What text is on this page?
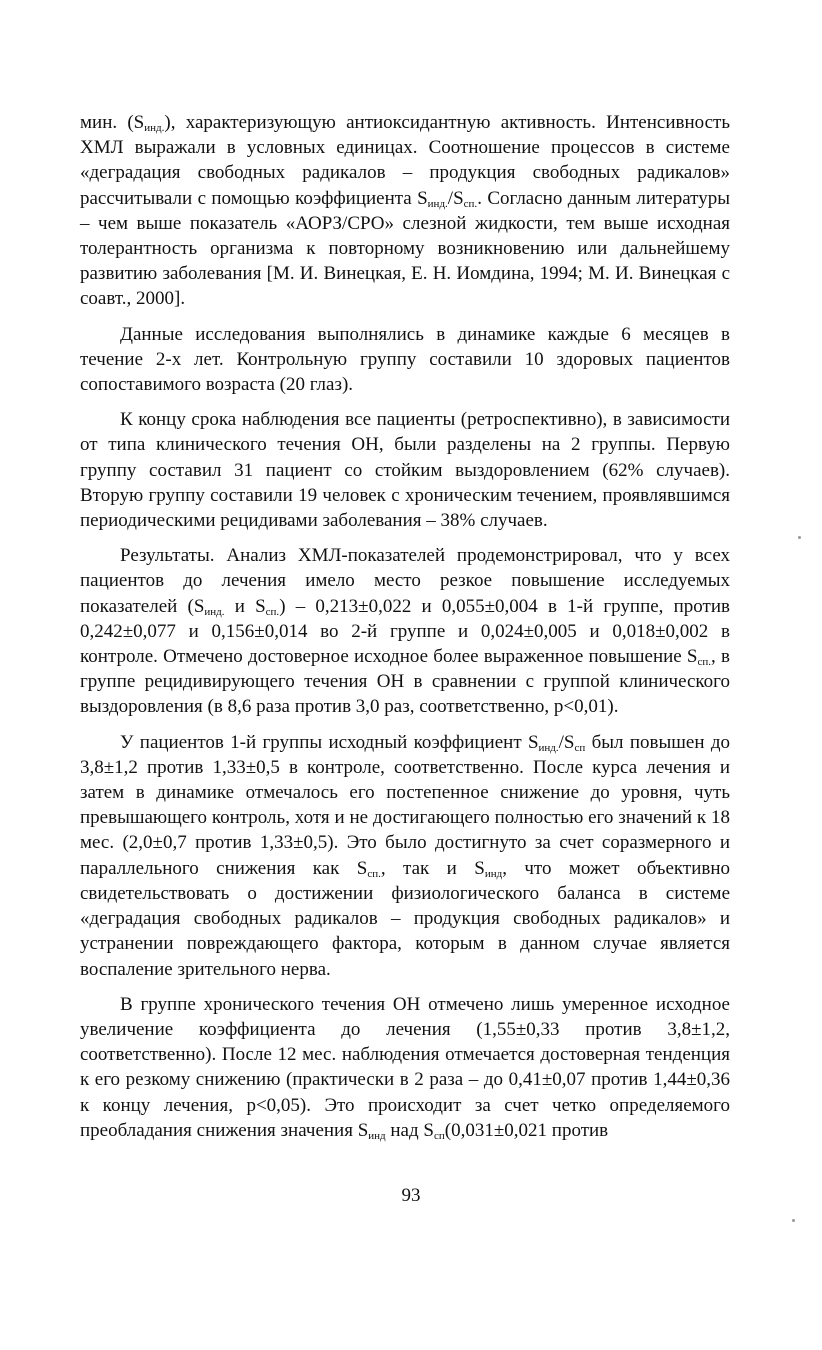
мин. $(S_{инд.})$, характеризующую антиоксидантную активность. Интенсивность ХМЛ выражали в условных единицах. Соотношение процессов в системе «деградация свободных радикалов – продукция свободных радикалов» рассчитывали с помощью коэффициента $S_{инд.}/S_{сп.}$. Согласно данным литературы – чем выше показатель «АОРЗ/СРО» слезной жидкости, тем выше исходная толерантность организма к повторному возникновению или дальнейшему развитию заболевания [М. И. Винецкая, Е. Н. Иомдина, 1994; М. И. Винецкая с соавт., 2000].

Данные исследования выполнялись в динамике каждые 6 месяцев в течение 2-х лет. Контрольную группу составили 10 здоровых пациентов сопоставимого возраста (20 глаз).

К концу срока наблюдения все пациенты (ретроспективно), в зависимости от типа клинического течения ОН, были разделены на 2 группы. Первую группу составил 31 пациент со стойким выздоровлением (62% случаев). Вторую группу составили 19 человек с хроническим течением, проявлявшимся периодическими рецидивами заболевания – 38% случаев.

Результаты. Анализ ХМЛ-показателей продемонстрировал, что у всех пациентов до лечения имело место резкое повышение исследуемых показателей ($S_{инд.}$ и $S_{сп.}) - 0,213\pm 0,022$ и 0,055±0,004 в 1-й группе, против 0,242±0,077 и 0,156±0,014 во 2-й группе и 0,024±0,005 и 0,018±0,002 в контроле. Отмечено достоверное исходное более выраженное повышение $S_{сп.}$, в группе рецидивирующего течения ОН в сравнении с группой клинического выздоровления (в 8,6 раза против 3,0 раз, соответственно, р<0,01).

У пациентов 1-й группы исходный коэффициент $S_{инд.}/S_{сп}$ был повышен до 3,8±1,2 против 1,33±0,5 в контроле, соответственно. После курса лечения и затем в динамике отмечалось его постепенное снижение до уровня, чуть превышающего контроль, хотя и не достигающего полностью его значений к 18 мес. (2,0±0,7 против 1,33±0,5). Это было достигнуто за счет соразмерного и параллельного снижения как $S_{сп.}$, так и $S_{инд}$, что может объективно свидетельствовать о достижении физиологического баланса в системе «деградация свободных радикалов – продукция свободных радикалов» и устранении повреждающего фактора, которым в данном случае является воспаление зрительного нерва.

В группе хронического течения ОН отмечено лишь умеренное исходное увеличение коэффициента до лечения (1,55±0,33 против 3,8±1,2, соответственно). После 12 мес. наблюдения отмечается достоверная тенденция к его резкому снижению (практически в 2 раза – до 0,41±0,07 против 1,44±0,36 к концу лечения, р<0,05). Это происходит за счет четко определяемого преобладания снижения значения $S_{инд}$ над $S_{сп}(0,031\pm 0,021$ против

93
